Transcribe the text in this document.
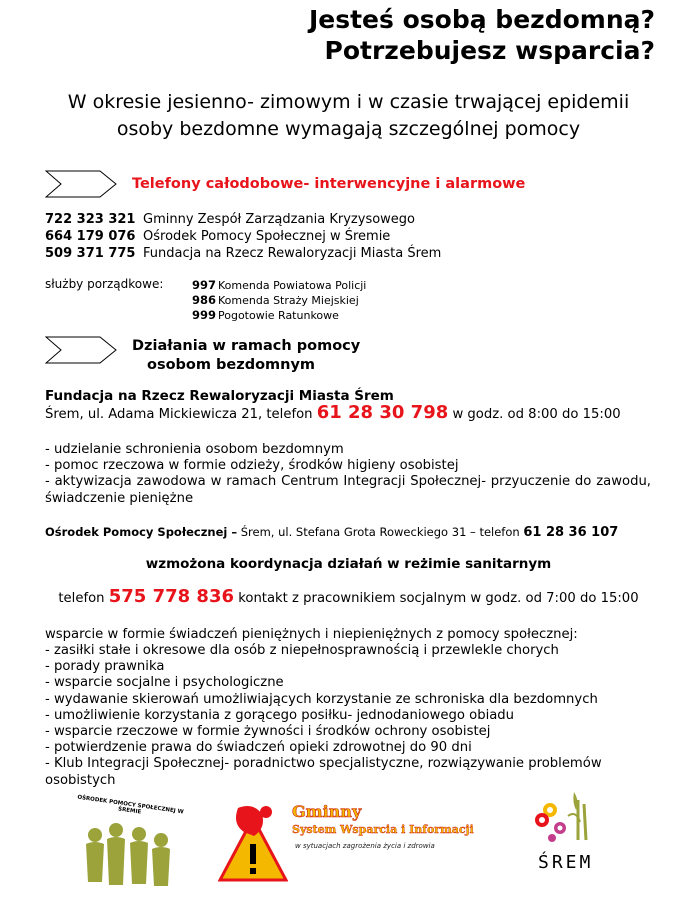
Jesteś osobą bezdomną?
Potrzebujesz wsparcia?
W okresie jesienno- zimowym i w czasie trwającej epidemii
osoby bezdomne wymagają szczególnej pomocy
Telefony całodobowe- interwencyjne i alarmowe
722 323 321 Gminny Zespół Zarządzania Kryzysowego
664 179 076 Ośrodek Pomocy Społecznej w Śremie
509 371 775 Fundacja na Rzecz Rewaloryzacji Miasta Śrem
służby porządkowe: 997 Komenda Powiatowa Policji
986 Komenda Straży Miejskiej
999 Pogotowie Ratunkowe
Działania w ramach pomocy
osobom bezdomnym
Fundacja na Rzecz Rewaloryzacji Miasta Śrem
Śrem, ul. Adama Mickiewicza 21, telefon 61 28 30 798 w godz. od 8:00 do 15:00
- udzielanie schronienia osobom bezdomnym
- pomoc rzeczowa w formie odzieży, środków higieny osobistej
- aktywizacja zawodowa w ramach Centrum Integracji Społecznej- przyuczenie do zawodu, świadczenie pieniężne
Ośrodek Pomocy Społecznej – Śrem, ul. Stefana Grota Roweckiego 31 – telefon 61 28 36 107
wzmożona koordynacja działań w reżimie sanitarnym
telefon 575 778 836 kontakt z pracownikiem socjalnym w godz. od 7:00 do 15:00
wsparcie w formie świadczeń pieniężnych i niepieniężnych z pomocy społecznej:
- zasiłki stałe i okresowe dla osób z niepełnosprawnością i przewlekle chorych
- porady prawnika
- wsparcie socjalne i psychologiczne
- wydawanie skierowań umożliwiających korzystanie ze schroniska dla bezdomnych
- umożliwienie korzystania z gorącego posiłku- jednodaniowego obiadu
- wsparcie rzeczowe w formie żywności i środków ochrony osobistej
- potwierdzenie prawa do świadczeń opieki zdrowotnej do 90 dni
- Klub Integracji Społecznej- poradnictwo specjalistyczne, rozwiązywanie problemów osobistych
OŚRODEK POMOCY SPOŁECZNEJ W ŚREMIE	Gminny
System Wsparcia i Informacji
w sytuacjach zagrożenia życia i zdrowia
ŚREM
